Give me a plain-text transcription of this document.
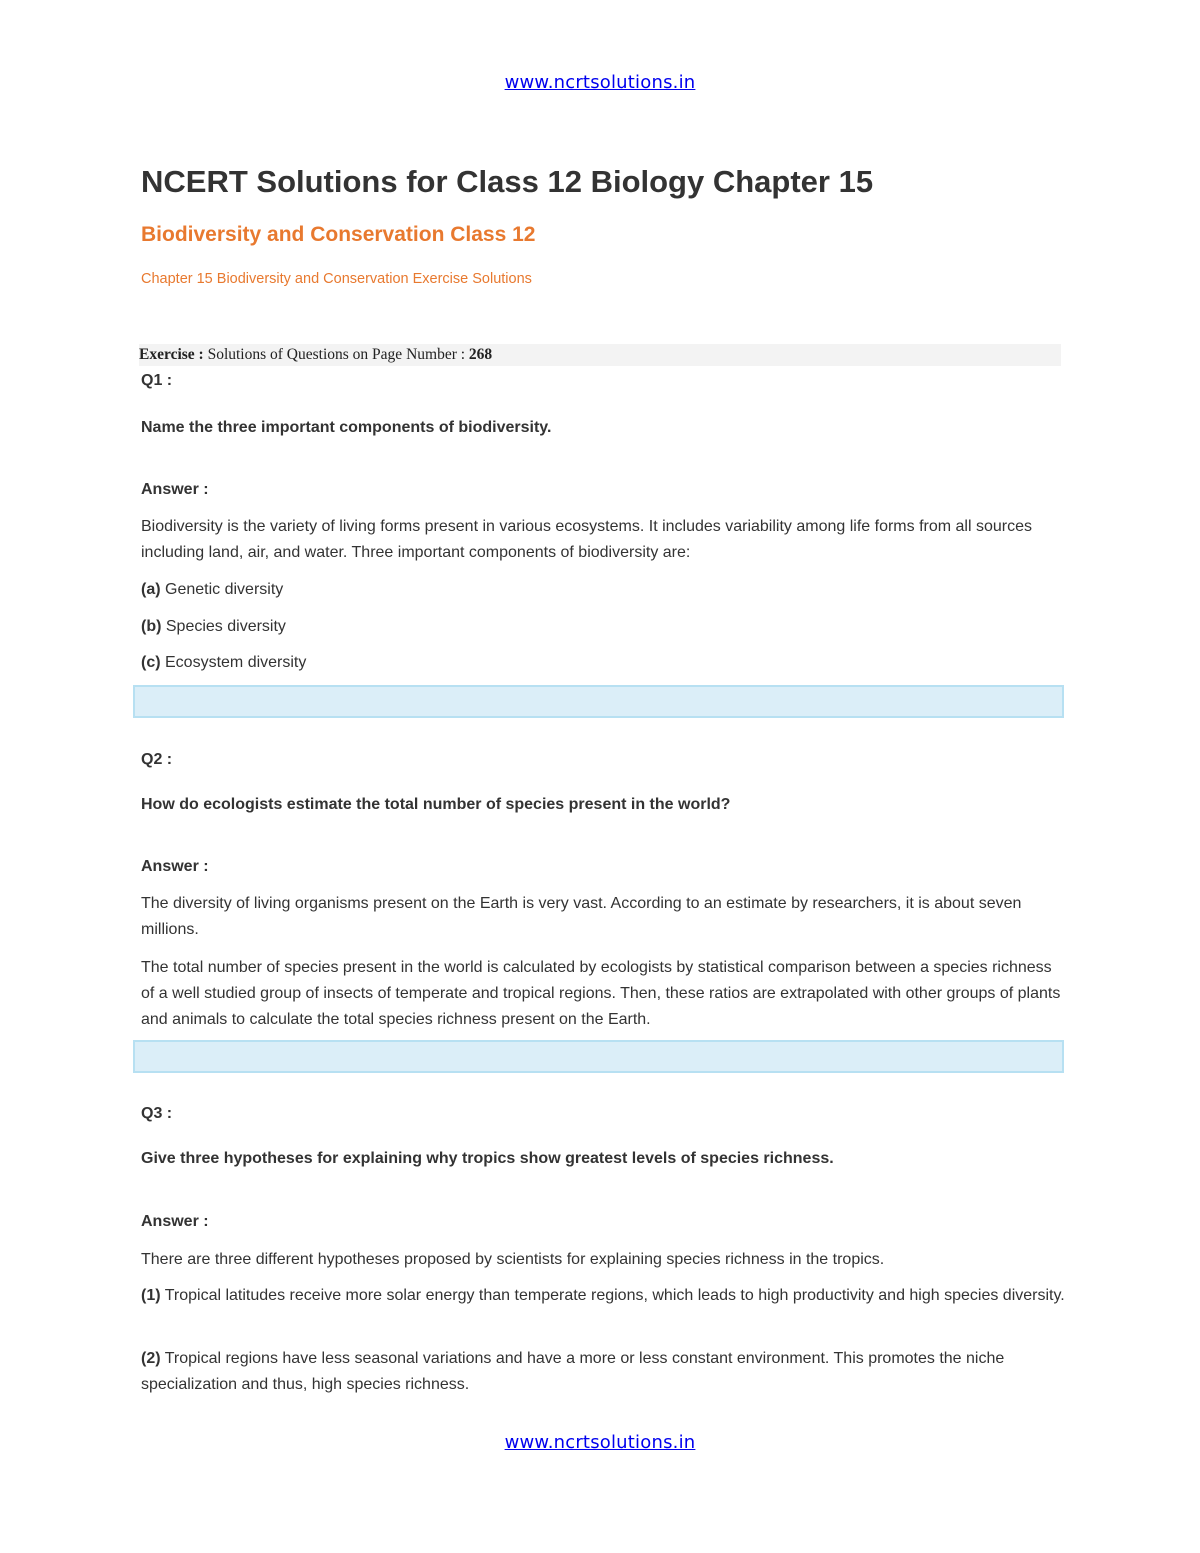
www.ncrtsolutions.in
NCERT Solutions for Class 12 Biology Chapter 15
Biodiversity and Conservation Class 12

Chapter 15 Biodiversity and Conservation Exercise Solutions

Exercise : Solutions of Questions on Page Number : 268

Q1 :

Name the three important components of biodiversity.

Answer :

Biodiversity is the variety of living forms present in various ecosystems. It includes variability among life forms from all sources including land, air, and water. Three important components of biodiversity are:

(a) Genetic diversity

(b) Species diversity

(c) Ecosystem diversity

Q2 :

How do ecologists estimate the total number of species present in the world?

Answer :

The diversity of living organisms present on the Earth is very vast. According to an estimate by researchers, it is about seven millions.

The total number of species present in the world is calculated by ecologists by statistical comparison between a species richness of a well studied group of insects of temperate and tropical regions. Then, these ratios are extrapolated with other groups of plants and animals to calculate the total species richness present on the Earth.

Q3 :

Give three hypotheses for explaining why tropics show greatest levels of species richness.

Answer :

There are three different hypotheses proposed by scientists for explaining species richness in the tropics.

(1) Tropical latitudes receive more solar energy than temperate regions, which leads to high productivity and high species diversity.

(2) Tropical regions have less seasonal variations and have a more or less constant environment. This promotes the niche specialization and thus, high species richness.

www.ncrtsolutions.in
